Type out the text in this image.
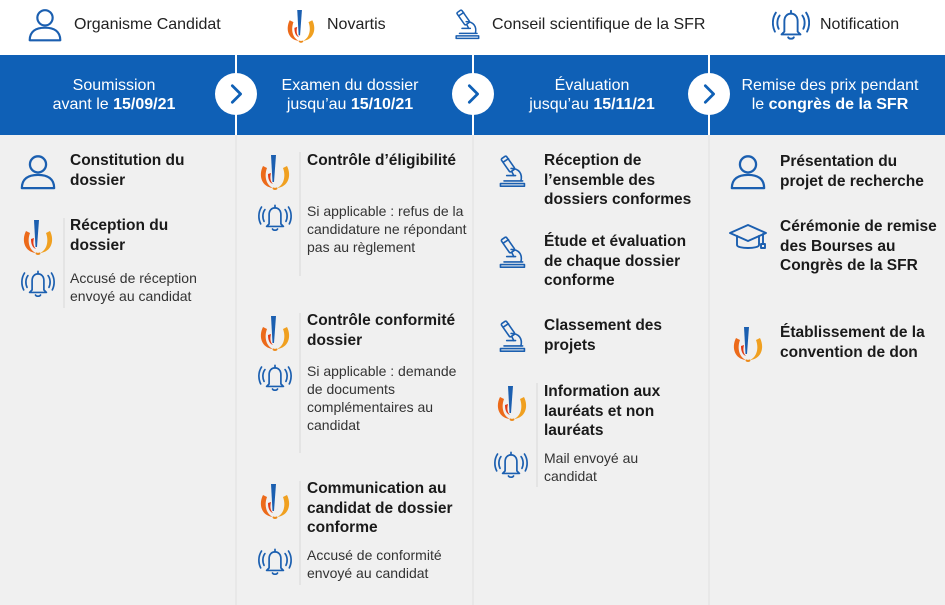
Organisme Candidat	Novartis	Conseil scientifique de la SFR	Notification
Soumission
avant le 15/09/21
Examen du dossier
jusqu’au 15/10/21
Évaluation
jusqu’au 15/11/21
Remise des prix pendant
le congrès de la SFR
Constitution du dossier
Réception du dossier
Accusé de réception envoyé au candidat
Contrôle d’éligibilité
Si applicable : refus de la candidature ne répondant pas au règlement
Contrôle conformité dossier
Si applicable : demande de documents complémentaires au candidat
Communication au candidat de dossier conforme
Accusé de conformité envoyé au candidat
Réception de l’ensemble des dossiers conformes
Étude et évaluation de chaque dossier conforme
Classement des projets
Information aux lauréats et non lauréats
Mail envoyé au candidat
Présentation du projet de recherche
Cérémonie de remise des Bourses au Congrès de la SFR
Établissement de la convention de don
